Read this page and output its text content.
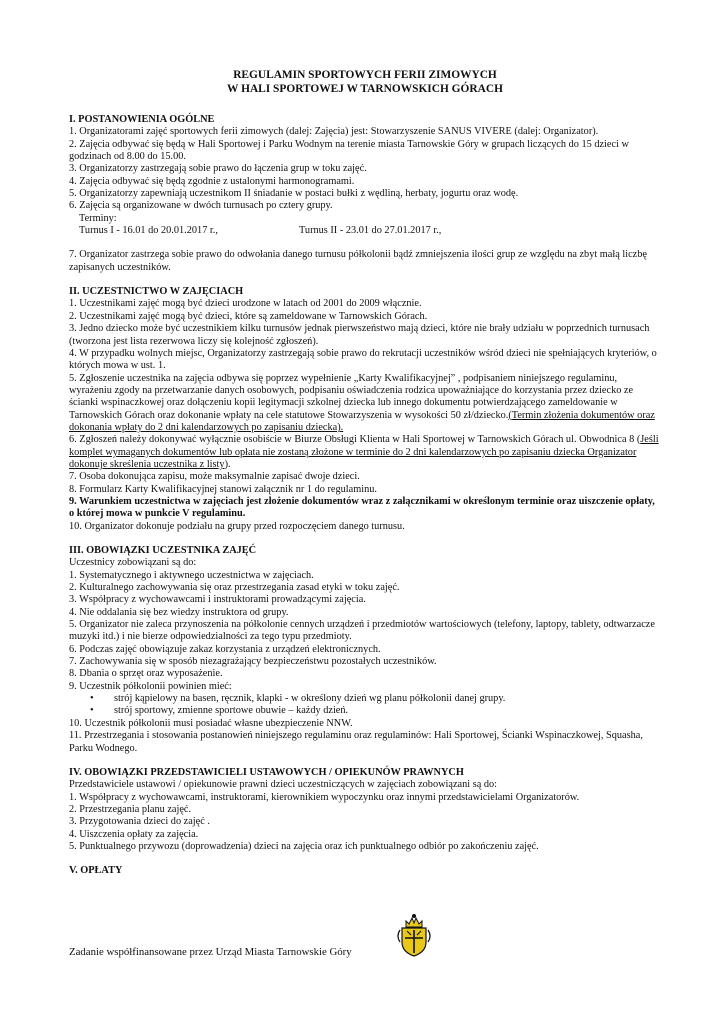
REGULAMIN SPORTOWYCH FERII ZIMOWYCH
W HALI SPORTOWEJ W TARNOWSKICH GÓRACH
I. POSTANOWIENIA OGÓLNE

1. Organizatorami zajęć sportowych ferii zimowych (dalej: Zajęcia) jest: Stowarzyszenie SANUS VIVERE (dalej: Organizator).

2. Zajęcia odbywać się będą w Hali Sportowej i Parku Wodnym na terenie miasta Tarnowskie Góry w grupach liczących do 15 dzieci w godzinach od 8.00 do 15.00.

3. Organizatorzy zastrzegają sobie prawo do łączenia grup w toku zajęć.

4. Zajęcia odbywać się będą zgodnie z ustalonymi harmonogramami.

5. Organizatorzy zapewniają uczestnikom II śniadanie w postaci bułki z wędliną, herbaty, jogurtu oraz wodę.

6. Zajęcia są organizowane w dwóch turnusach po cztery grupy.

Terminy:

Turnus I - 16.01 do 20.01.2017 r.,	Turnus II - 23.01 do 27.01.2017 r.,

7. Organizator zastrzega sobie prawo do odwołania danego turnusu półkolonii bądź zmniejszenia ilości grup ze względu na zbyt małą liczbę zapisanych uczestników.

II. UCZESTNICTWO W ZAJĘCIACH

1. Uczestnikami zajęć mogą być dzieci urodzone w latach od 2001 do 2009 włącznie.

2. Uczestnikami zajęć mogą być dzieci, które są zameldowane w Tarnowskich Górach.

3. Jedno dziecko może być uczestnikiem kilku turnusów jednak pierwszeństwo mają dzieci, które nie brały udziału w poprzednich turnusach (tworzona jest lista rezerwowa liczy się kolejność zgłoszeń).

4. W przypadku wolnych miejsc, Organizatorzy zastrzegają sobie prawo do rekrutacji uczestników wśród dzieci nie spełniających kryteriów, o których mowa w ust. 1.

5. Zgłoszenie uczestnika na zajęcia odbywa się poprzez wypełnienie „Karty Kwalifikacyjnej” , podpisaniem niniejszego regulaminu, wyrażeniu zgody na przetwarzanie danych osobowych, podpisaniu oświadczenia rodzica upoważniające do korzystania przez dziecko ze ścianki wspinaczkowej oraz dołączeniu kopii legitymacji szkolnej dziecka lub innego dokumentu potwierdzającego zameldowanie w Tarnowskich Górach oraz dokonanie wpłaty na cele statutowe Stowarzyszenia w wysokości 50 zł/dziecko.(Termin złożenia dokumentów oraz dokonania wpłaty do 2 dni kalendarzowych po zapisaniu dziecka).

6. Zgłoszeń należy dokonywać wyłącznie osobiście w Biurze Obsługi Klienta w Hali Sportowej w Tarnowskich Górach ul. Obwodnica 8 (Jeśli komplet wymaganych dokumentów lub opłata nie zostaną złożone w terminie do 2 dni kalendarzowych po zapisaniu dziecka Organizator dokonuje skreślenia uczestnika z listy).

7. Osoba dokonująca zapisu, może maksymalnie zapisać dwoje dzieci.

8. Formularz Karty Kwalifikacyjnej stanowi załącznik nr 1 do regulaminu.

9. Warunkiem uczestnictwa w zajęciach jest złożenie dokumentów wraz z załącznikami w określonym terminie oraz uiszczenie opłaty, o której mowa w punkcie V regulaminu.

10. Organizator dokonuje podziału na grupy przed rozpoczęciem danego turnusu.

III. OBOWIĄZKI UCZESTNIKA ZAJĘĆ

Uczestnicy zobowiązani są do:

1. Systematycznego i aktywnego uczestnictwa w zajęciach.

2. Kulturalnego zachowywania się oraz przestrzegania zasad etyki w toku zajęć.

3. Współpracy z wychowawcami i instruktorami prowadzącymi zajęcia.

4. Nie oddalania się bez wiedzy instruktora od grupy.

5. Organizator nie zaleca przynoszenia na półkolonie cennych urządzeń i przedmiotów wartościowych (telefony, laptopy, tablety, odtwarzacze muzyki itd.) i nie bierze odpowiedzialności za tego typu przedmioty.

6. Podczas zajęć obowiązuje zakaz korzystania z urządzeń elektronicznych.

7. Zachowywania się w sposób niezagrażający bezpieczeństwu pozostałych uczestników.

8. Dbania o sprzęt oraz wyposażenie.

9. Uczestnik półkolonii powinien mieć:

• strój kąpielowy na basen, ręcznik, klapki - w określony dzień wg planu półkolonii danej grupy.

• strój sportowy, zmienne sportowe obuwie – każdy dzień.

10. Uczestnik półkolonii musi posiadać własne ubezpieczenie NNW.

11. Przestrzegania i stosowania postanowień niniejszego regulaminu oraz regulaminów: Hali Sportowej, Ścianki Wspinaczkowej, Squasha, Parku Wodnego.

IV. OBOWIĄZKI PRZEDSTAWICIELI USTAWOWYCH / OPIEKUNÓW PRAWNYCH

Przedstawiciele ustawowi / opiekunowie prawni dzieci uczestniczących w zajęciach zobowiązani są do:

1. Współpracy z wychowawcami, instruktorami, kierownikiem wypoczynku oraz innymi przedstawicielami Organizatorów.

2. Przestrzegania planu zajęć.

3. Przygotowania dzieci do zajęć .

4. Uiszczenia opłaty za zajęcia.

5. Punktualnego przywozu (doprowadzenia) dzieci na zajęcia oraz ich punktualnego odbiór po zakończeniu zajęć.

V. OPŁATY
Zadanie współfinansowane przez Urząd Miasta Tarnowskie Góry
